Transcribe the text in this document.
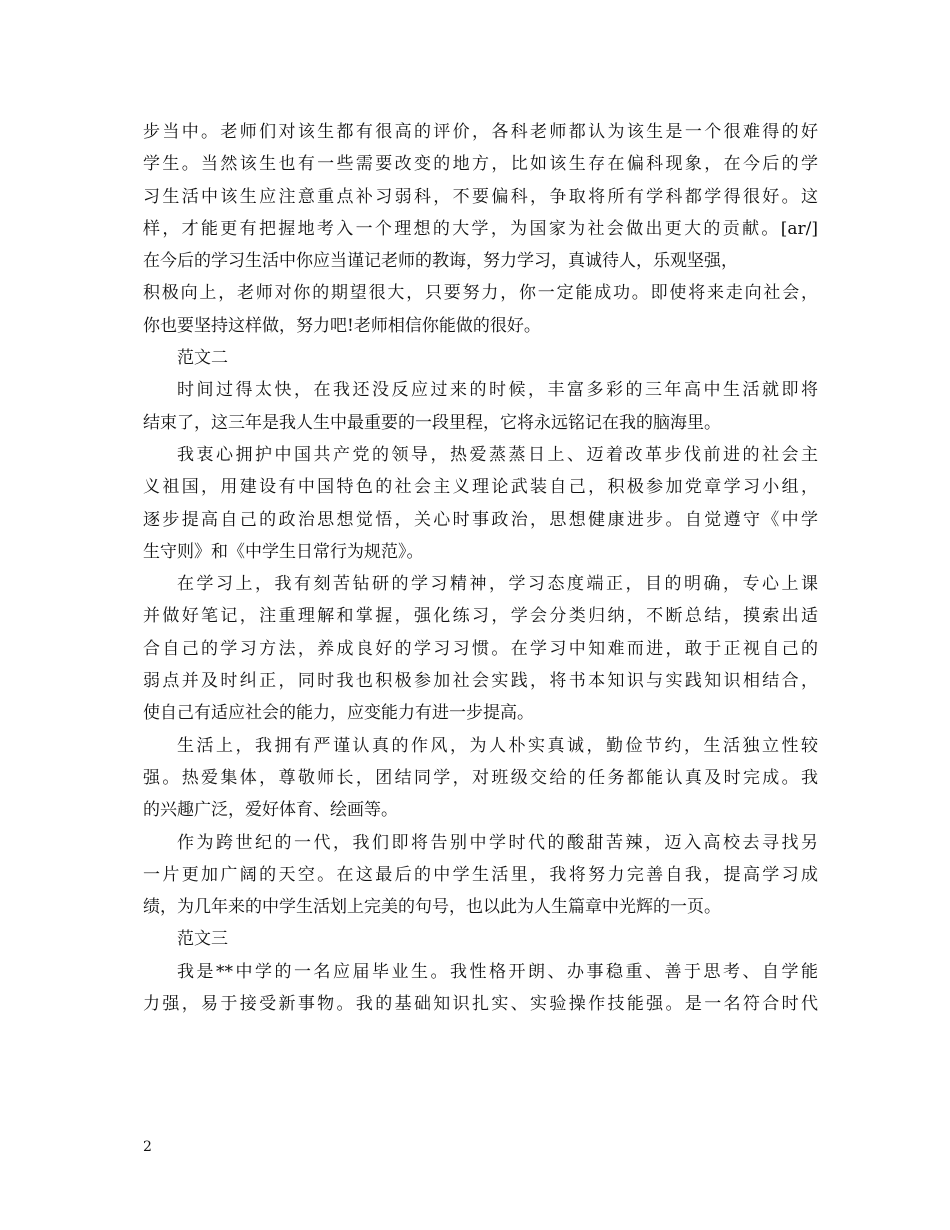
步当中。老师们对该生都有很高的评价，各科老师都认为该生是一个很难得的好
学生。当然该生也有一些需要改变的地方，比如该生存在偏科现象，在今后的学
习生活中该生应注意重点补习弱科，不要偏科，争取将所有学科都学得很好。这
样，才能更有把握地考入一个理想的大学，为国家为社会做出更大的贡献。[ar/]
在今后的学习生活中你应当谨记老师的教诲，努力学习，真诚待人，乐观坚强，
积极向上，老师对你的期望很大，只要努力，你一定能成功。即使将来走向社会，
你也要坚持这样做，努力吧!老师相信你能做的很好。
范文二
时间过得太快，在我还没反应过来的时候，丰富多彩的三年高中生活就即将
结束了，这三年是我人生中最重要的一段里程，它将永远铭记在我的脑海里。
我衷心拥护中国共产党的领导，热爱蒸蒸日上、迈着改革步伐前进的社会主
义祖国，用建设有中国特色的社会主义理论武装自己，积极参加党章学习小组，
逐步提高自己的政治思想觉悟，关心时事政治，思想健康进步。自觉遵守《中学
生守则》和《中学生日常行为规范》。
在学习上，我有刻苦钻研的学习精神，学习态度端正，目的明确，专心上课
并做好笔记，注重理解和掌握，强化练习，学会分类归纳，不断总结，摸索出适
合自己的学习方法，养成良好的学习习惯。在学习中知难而进，敢于正视自己的
弱点并及时纠正，同时我也积极参加社会实践，将书本知识与实践知识相结合，
使自己有适应社会的能力，应变能力有进一步提高。
生活上，我拥有严谨认真的作风，为人朴实真诚，勤俭节约，生活独立性较
强。热爱集体，尊敬师长，团结同学，对班级交给的任务都能认真及时完成。我
的兴趣广泛，爱好体育、绘画等。
作为跨世纪的一代，我们即将告别中学时代的酸甜苦辣，迈入高校去寻找另
一片更加广阔的天空。在这最后的中学生活里，我将努力完善自我，提高学习成
绩，为几年来的中学生活划上完美的句号，也以此为人生篇章中光辉的一页。
范文三
我是**中学的一名应届毕业生。我性格开朗、办事稳重、善于思考、自学能
力强，易于接受新事物。我的基础知识扎实、实验操作技能强。是一名符合时代
2
